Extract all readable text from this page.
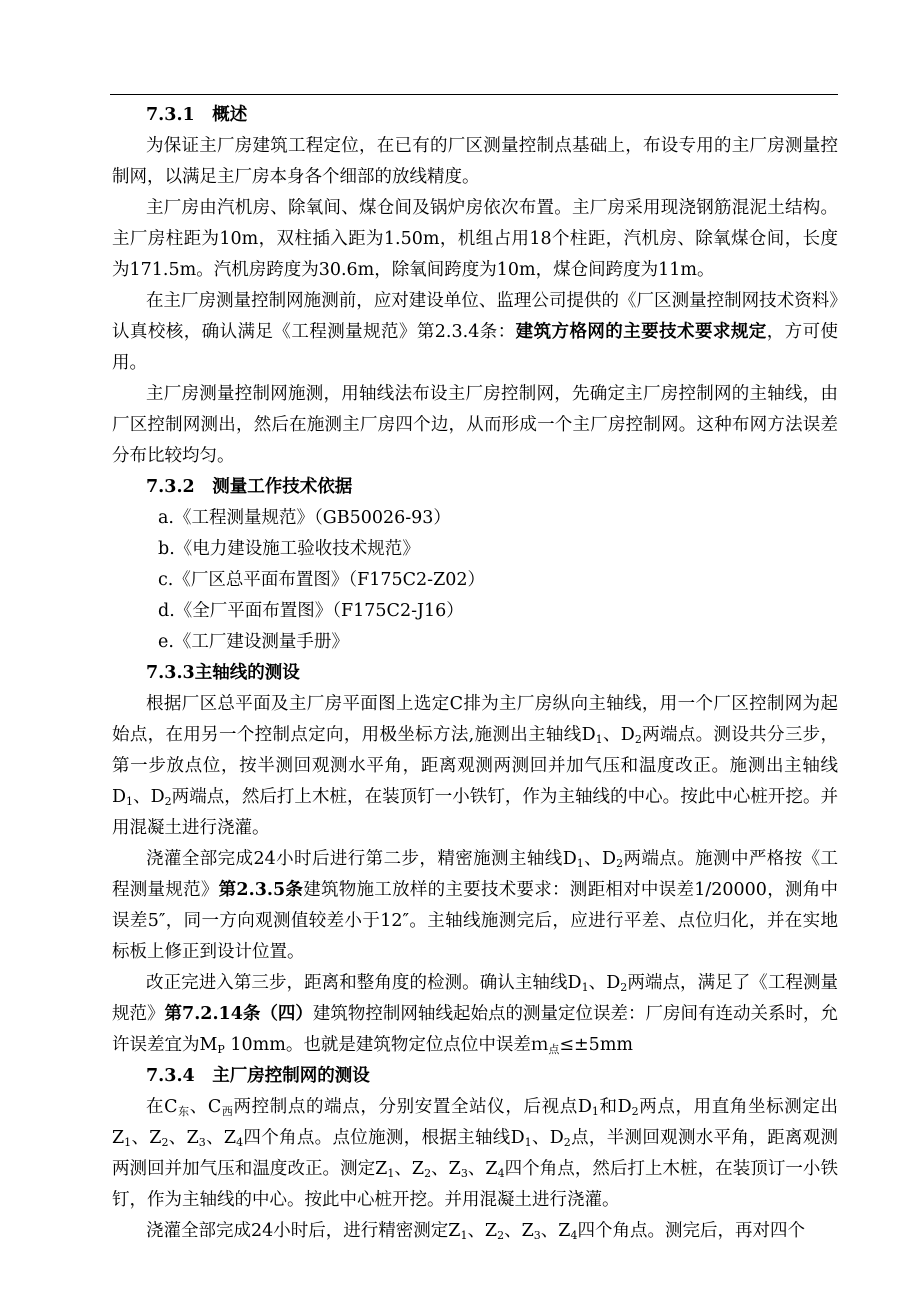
7.3.1　概述

为保证主厂房建筑工程定位，在已有的厂区测量控制点基础上，布设专用的主厂房测量控制网，以满足主厂房本身各个细部的放线精度。

主厂房由汽机房、除氧间、煤仓间及锅炉房依次布置。主厂房采用现浇钢筋混泥土结构。主厂房柱距为10m，双柱插入距为1.50m，机组占用18个柱距，汽机房、除氧煤仓间，长度为171.5m。汽机房跨度为30.6m，除氧间跨度为10m，煤仓间跨度为11m。

在主厂房测量控制网施测前，应对建设单位、监理公司提供的《厂区测量控制网技术资料》认真校核，确认满足《工程测量规范》第2.3.4条：建筑方格网的主要技术要求规定，方可使用。

主厂房测量控制网施测，用轴线法布设主厂房控制网，先确定主厂房控制网的主轴线，由厂区控制网测出，然后在施测主厂房四个边，从而形成一个主厂房控制网。这种布网方法误差分布比较均匀。

7.3.2　测量工作技术依据

a.《工程测量规范》（GB50026-93）

b.《电力建设施工验收技术规范》

c.《厂区总平面布置图》（F175C2-Z02）

d.《全厂平面布置图》（F175C2-J16）

e.《工厂建设测量手册》

7.3.3主轴线的测设

根据厂区总平面及主厂房平面图上选定C排为主厂房纵向主轴线，用一个厂区控制网为起始点，在用另一个控制点定向，用极坐标方法,施测出主轴线$D_1$、$D_2$两端点。测设共分三步，第一步放点位，按半测回观测水平角，距离观测两测回并加气压和温度改正。施测出主轴线$D_1$、$D_2$两端点，然后打上木桩，在装顶钉一小铁钉，作为主轴线的中心。按此中心桩开挖。并用混凝土进行浇灌。

浇灌全部完成24小时后进行第二步，精密施测主轴线$D_1$、$D_2$两端点。施测中严格按《工程测量规范》第2.3.5条建筑物施工放样的主要技术要求：测距相对中误差1/20000，测角中误差5″，同一方向观测值较差小于12″。主轴线施测完后，应进行平差、点位归化，并在实地标板上修正到设计位置。

改正完进入第三步，距离和整角度的检测。确认主轴线$D_1$、$D_2$两端点，满足了《工程测量规范》第7.2.14条（四）建筑物控制网轴线起始点的测量定位误差：厂房间有连动关系时，允许误差宜为$M_P$ 10mm。也就是建筑物定位点位中误差ｍ$_点$≤±5mm

7.3.4　主厂房控制网的测设

在$C_东$、$C_西$两控制点的端点，分别安置全站仪，后视点$D_1$和$D_2$两点，用直角坐标测定出$Z_1$、$Z_2$、$Z_3$、$Z_4$四个角点。点位施测，根据主轴线$D_1$、$D_2$点，半测回观测水平角，距离观测两测回并加气压和温度改正。测定$Z_1$、$Z_2$、$Z_3$、$Z_4$四个角点，然后打上木桩，在装顶订一小铁钉，作为主轴线的中心。按此中心桩开挖。并用混凝土进行浇灌。

浇灌全部完成24小时后，进行精密测定$Z_1$、$Z_2$、$Z_3$、$Z_4$四个角点。测完后，再对四个
